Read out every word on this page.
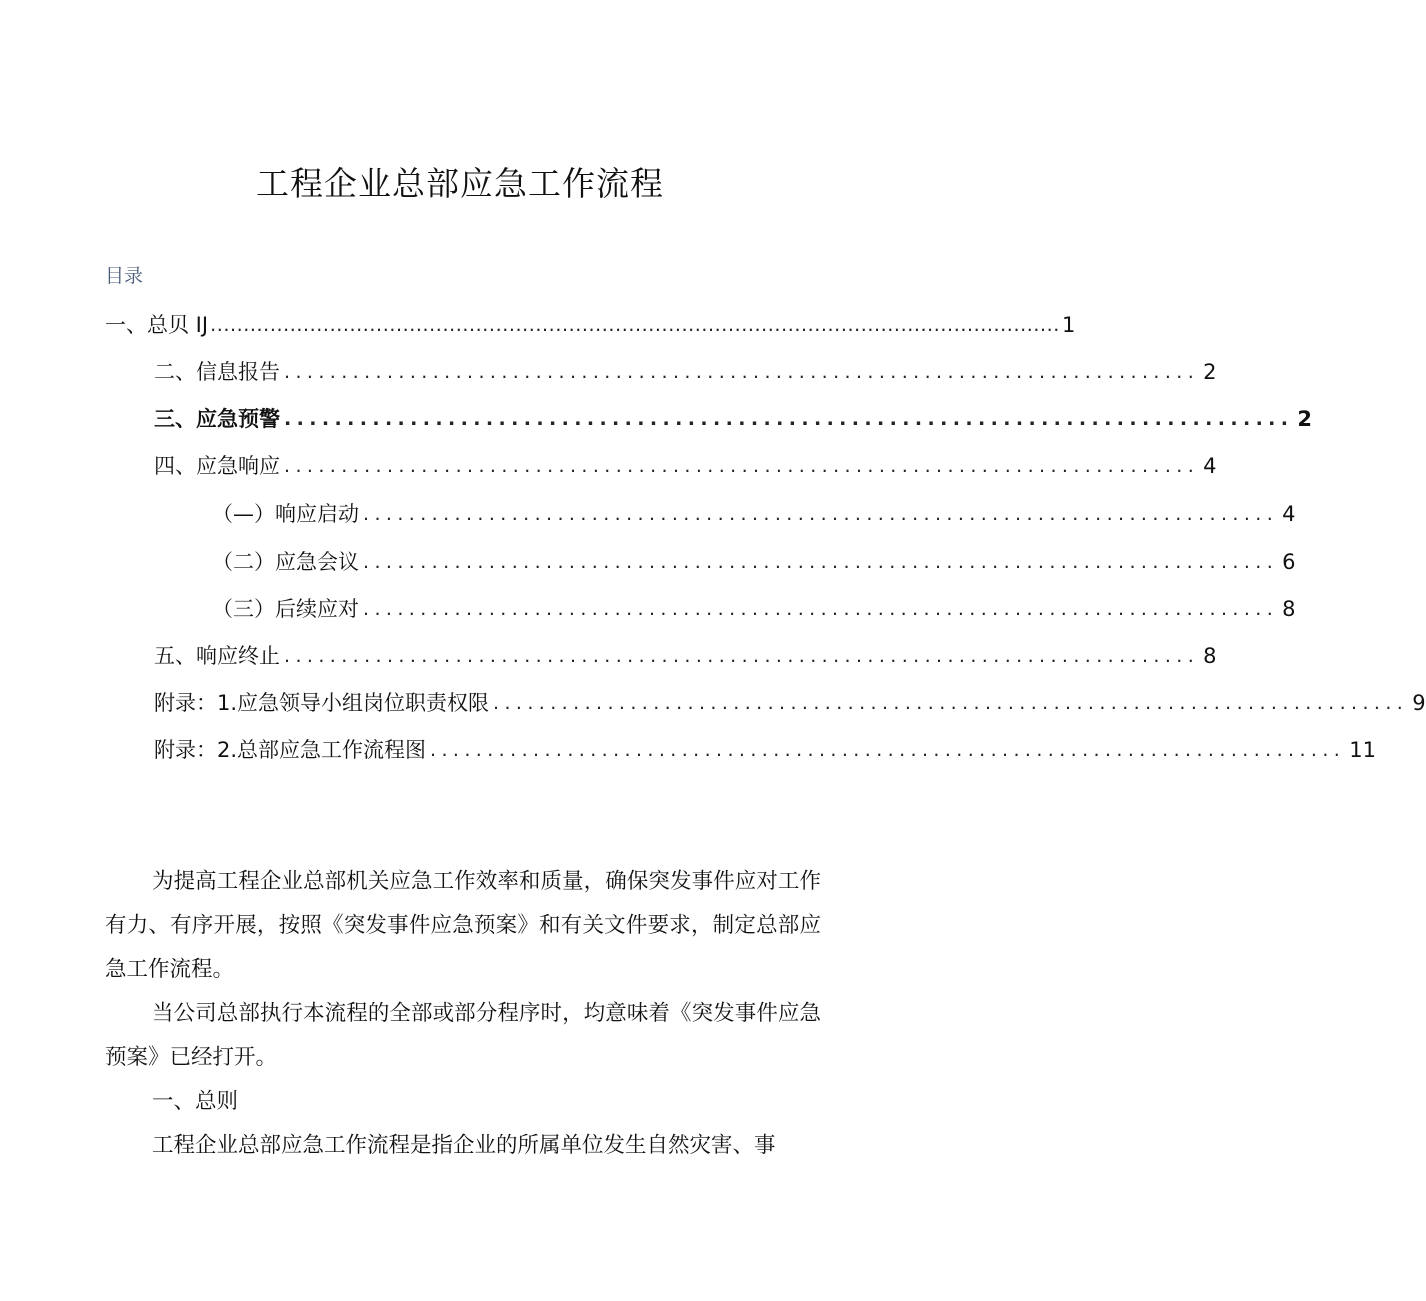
工程企业总部应急工作流程
目录
一、总贝 IJ ................................................................................................................................ 1
二、信息报告 ................................................................................ 2
三、应急预警 ................................................................................ 2
四、应急响应 ................................................................................ 4
（—）响应启动 ................................................................................ 4
（二）应急会议 ................................................................................ 6
（三）后续应对 ................................................................................ 8
五、响应终止 ................................................................................ 8
附录：1.应急领导小组岗位职责权限 ................................................................................ 9
附录：2.总部应急工作流程图 ................................................................................ 11

为提高工程企业总部机关应急工作效率和质量，确保突发事件应对工作有力、有序开展，按照《突发事件应急预案》和有关文件要求，制定总部应急工作流程。

当公司总部执行本流程的全部或部分程序时，均意味着《突发事件应急预案》已经打开。

一、总则

工程企业总部应急工作流程是指企业的所属单位发生自然灾害、事
